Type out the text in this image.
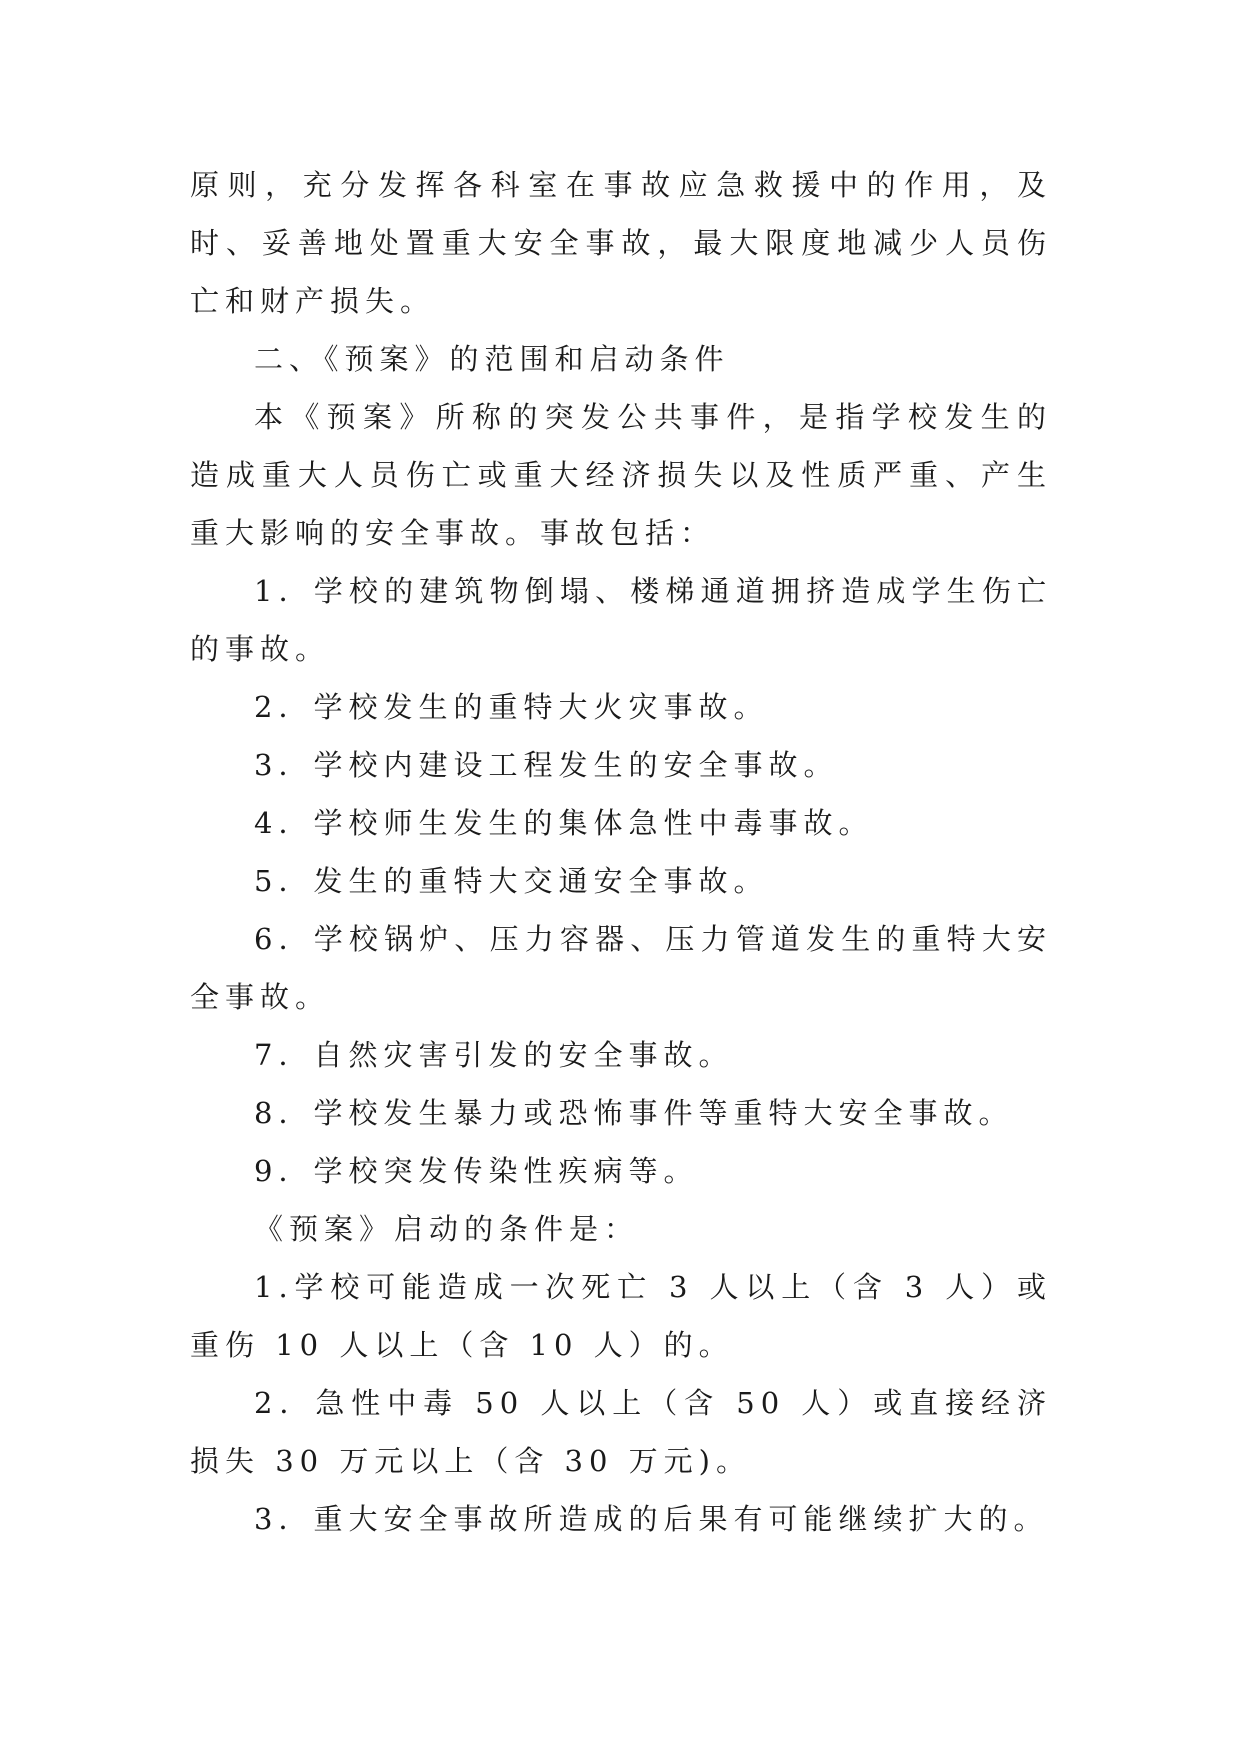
原则，充分发挥各科室在事故应急救援中的作用，及时、妥善地处置重大安全事故，最大限度地减少人员伤亡和财产损失。

二、《预案》的范围和启动条件

本《预案》所称的突发公共事件，是指学校发生的造成重大人员伤亡或重大经济损失以及性质严重、产生重大影响的安全事故。事故包括：

1．学校的建筑物倒塌、楼梯通道拥挤造成学生伤亡的事故。

2．学校发生的重特大火灾事故。

3．学校内建设工程发生的安全事故。

4．学校师生发生的集体急性中毒事故。

5．发生的重特大交通安全事故。

6．学校锅炉、压力容器、压力管道发生的重特大安全事故。

7．自然灾害引发的安全事故。

8．学校发生暴力或恐怖事件等重特大安全事故。

9．学校突发传染性疾病等。

《预案》启动的条件是：

1.学校可能造成一次死亡 3 人以上（含 3 人）或重伤 10 人以上（含 10 人）的。

2．急性中毒 50 人以上（含 50 人）或直接经济损失 30 万元以上（含 30 万元)。

3．重大安全事故所造成的后果有可能继续扩大的。
